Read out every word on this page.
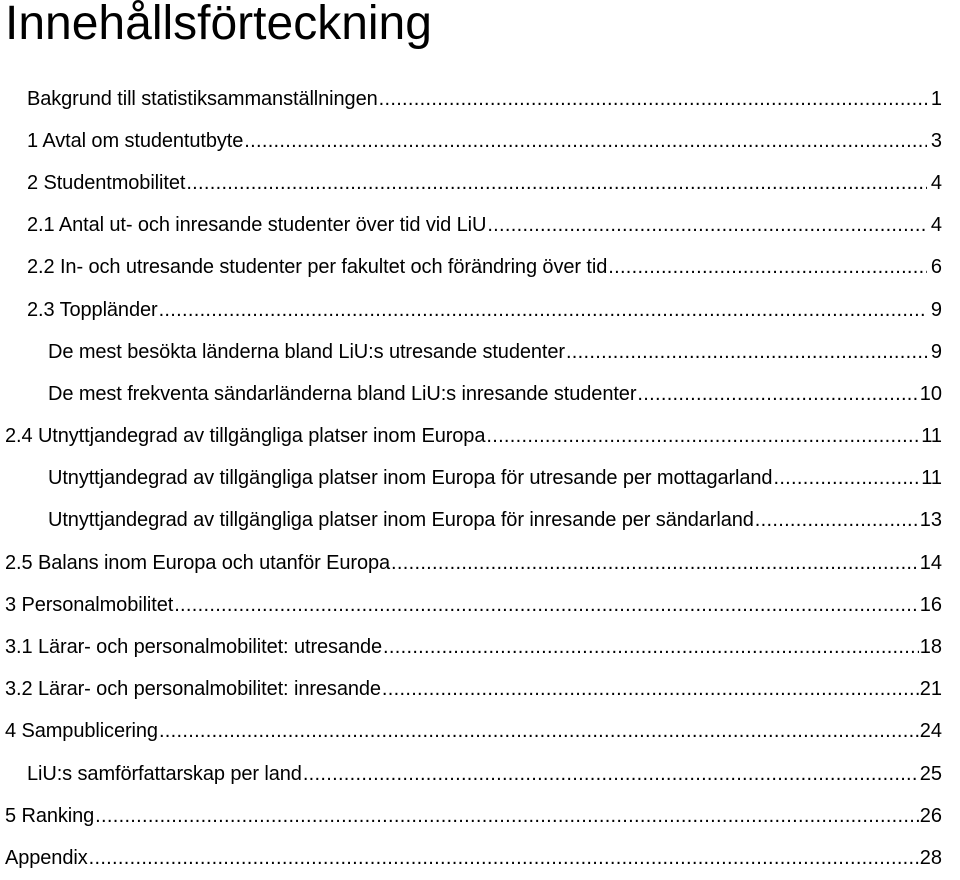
Innehållsförteckning
Bakgrund till statistiksammanställningen .....	1
1 Avtal om studentutbyte .....	3
2 Studentmobilitet .....	4
2.1 Antal ut- och inresande studenter över tid vid LiU .....	4
2.2 In- och utresande studenter per fakultet och förändring över tid .....	6
2.3 Toppländer .....	9
De mest besökta länderna bland LiU:s utresande studenter .....	9
De mest frekventa sändarländerna bland LiU:s inresande studenter .....	10
2.4 Utnyttjandegrad av tillgängliga platser inom Europa .....	11
Utnyttjandegrad av tillgängliga platser inom Europa för utresande per mottagarland .....	11
Utnyttjandegrad av tillgängliga platser inom Europa för inresande per sändarland .....	13
2.5 Balans inom Europa och utanför Europa .....	14
3 Personalmobilitet .....	16
3.1 Lärar- och personalmobilitet: utresande .....	18
3.2 Lärar- och personalmobilitet: inresande .....	21
4 Sampublicering .....	24
LiU:s samförfattarskap per land .....	25
5 Ranking .....	26
Appendix .....	28
